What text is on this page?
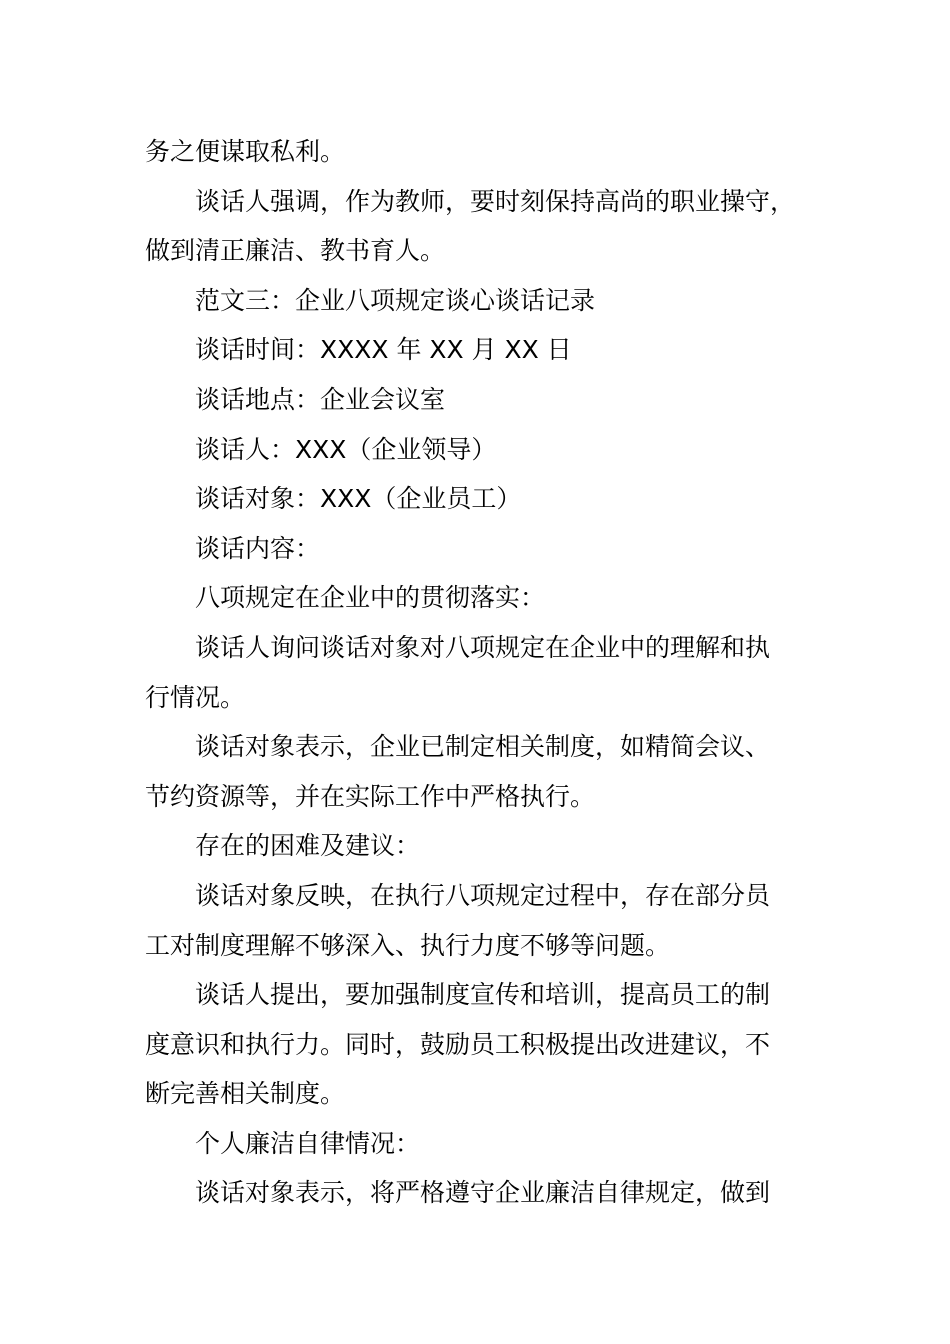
务之便谋取私利。
谈话人强调，作为教师，要时刻保持高尚的职业操守，
做到清正廉洁、教书育人。
范文三：企业八项规定谈心谈话记录
谈话时间：XXXX 年 XX 月 XX 日
谈话地点：企业会议室
谈话人：XXX（企业领导）
谈话对象：XXX（企业员工）
谈话内容：
八项规定在企业中的贯彻落实：
谈话人询问谈话对象对八项规定在企业中的理解和执
行情况。
谈话对象表示，企业已制定相关制度，如精简会议、
节约资源等，并在实际工作中严格执行。
存在的困难及建议：
谈话对象反映，在执行八项规定过程中，存在部分员
工对制度理解不够深入、执行力度不够等问题。
谈话人提出，要加强制度宣传和培训，提高员工的制
度意识和执行力。同时，鼓励员工积极提出改进建议，不
断完善相关制度。
个人廉洁自律情况：
谈话对象表示，将严格遵守企业廉洁自律规定，做到
